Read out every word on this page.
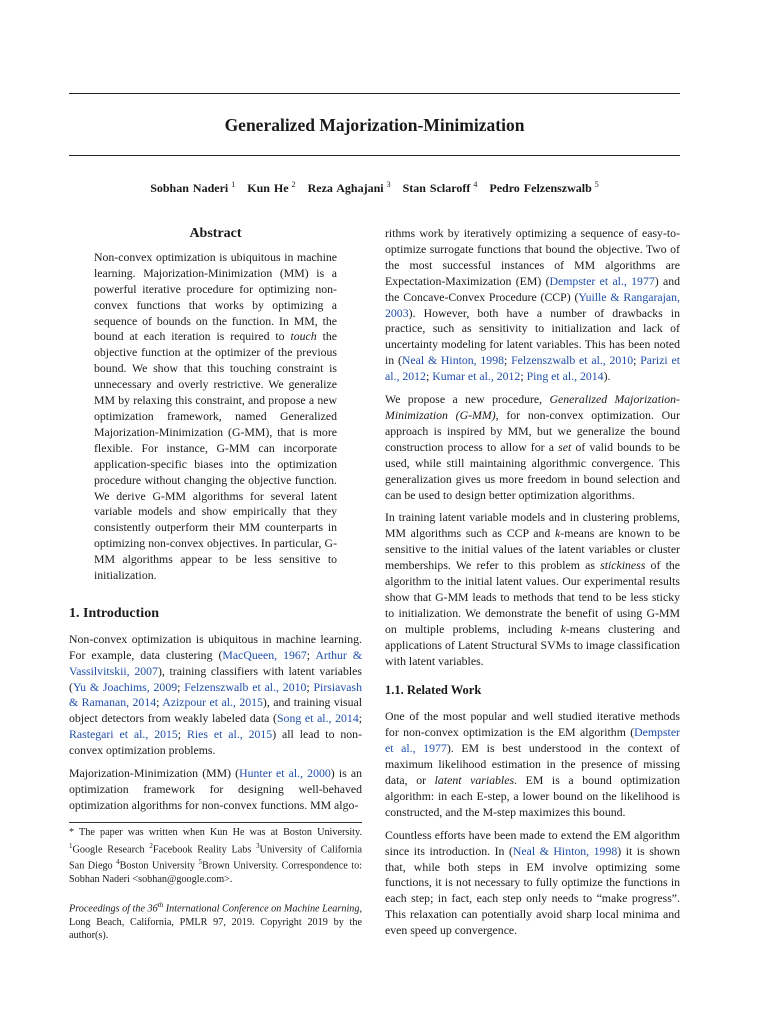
Generalized Majorization-Minimization
Sobhan Naderi $^1$  Kun He $^2$  Reza Aghajani $^3$  Stan Sclaroff $^4$  Pedro Felzenszwalb $^5$
Abstract

Non-convex optimization is ubiquitous in machine learning. Majorization-Minimization (MM) is a powerful iterative procedure for optimizing non-convex functions that works by optimizing a sequence of bounds on the function. In MM, the bound at each iteration is required to touch the objective function at the optimizer of the previous bound. We show that this touching constraint is unnecessary and overly restrictive. We generalize MM by relaxing this constraint, and propose a new optimization framework, named Generalized Majorization-Minimization (G-MM), that is more flexible. For instance, G-MM can incorporate application-specific biases into the optimization procedure without changing the objective function. We derive G-MM algorithms for several latent variable models and show empirically that they consistently outperform their MM counterparts in optimizing non-convex objectives. In particular, G-MM algorithms appear to be less sensitive to initialization.

1. Introduction

Non-convex optimization is ubiquitous in machine learning. For example, data clustering (MacQueen, 1967; Arthur & Vassilvitskii, 2007), training classifiers with latent variables (Yu & Joachims, 2009; Felzenszwalb et al., 2010; Pirsiavash & Ramanan, 2014; Azizpour et al., 2015), and training visual object detectors from weakly labeled data (Song et al., 2014; Rastegari et al., 2015; Ries et al., 2015) all lead to non-convex optimization problems.

Majorization-Minimization (MM) (Hunter et al., 2000) is an optimization framework for designing well-behaved optimization algorithms for non-convex functions. MM algo-

rithms work by iteratively optimizing a sequence of easy-to-optimize surrogate functions that bound the objective. Two of the most successful instances of MM algorithms are Expectation-Maximization (EM) (Dempster et al., 1977) and the Concave-Convex Procedure (CCP) (Yuille & Rangarajan, 2003). However, both have a number of drawbacks in practice, such as sensitivity to initialization and lack of uncertainty modeling for latent variables. This has been noted in (Neal & Hinton, 1998; Felzenszwalb et al., 2010; Parizi et al., 2012; Kumar et al., 2012; Ping et al., 2014).

We propose a new procedure, Generalized Majorization-Minimization (G-MM), for non-convex optimization. Our approach is inspired by MM, but we generalize the bound construction process to allow for a set of valid bounds to be used, while still maintaining algorithmic convergence. This generalization gives us more freedom in bound selection and can be used to design better optimization algorithms.

In training latent variable models and in clustering problems, MM algorithms such as CCP and k-means are known to be sensitive to the initial values of the latent variables or cluster memberships. We refer to this problem as stickiness of the algorithm to the initial latent values. Our experimental results show that G-MM leads to methods that tend to be less sticky to initialization. We demonstrate the benefit of using G-MM on multiple problems, including k-means clustering and applications of Latent Structural SVMs to image classification with latent variables.

1.1. Related Work

One of the most popular and well studied iterative methods for non-convex optimization is the EM algorithm (Dempster et al., 1977). EM is best understood in the context of maximum likelihood estimation in the presence of missing data, or latent variables. EM is a bound optimization algorithm: in each E-step, a lower bound on the likelihood is constructed, and the M-step maximizes this bound.

Countless efforts have been made to extend the EM algorithm since its introduction. In (Neal & Hinton, 1998) it is shown that, while both steps in EM involve optimizing some functions, it is not necessary to fully optimize the functions in each step; in fact, each step only needs to “make progress”. This relaxation can potentially avoid sharp local minima and even speed up convergence.

* The paper was written when Kun He was at Boston University. $^1$Google Research $^2$Facebook Reality Labs $^3$University of California San Diego $^4$Boston University $^5$Brown University. Correspondence to: Sobhan Naderi <sobhan@google.com>.

Proceedings of the 36th International Conference on Machine Learning, Long Beach, California, PMLR 97, 2019. Copyright 2019 by the author(s).
